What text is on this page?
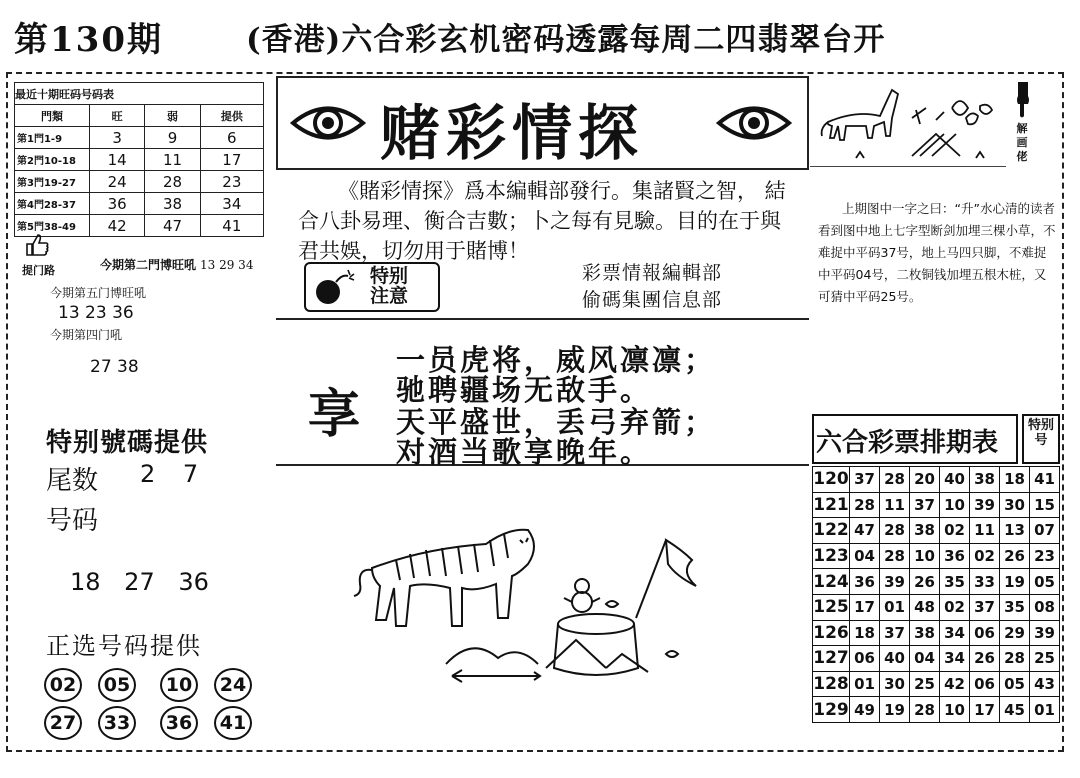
第130期	(香港)六合彩玄机密码透露每周二四翡翠台开
最近十期旺码号码表			
門類	旺	弱	提供
第1門1-9	3	9	6
第2門10-18	14	11	17
第3門19-27	24	28	23
第4門28-37	36	38	34
第5門38-49	42	47	41
提门路	今期第二門博旺吼 13 29 34
今期第五门博旺吼
13 23 36
今期第四门吼
27 38
特别號碼提供
尾数 2 7
号码
18 27 36
正选号码提供
02	05	10	24
27	33	36	41
赌彩情探
《賭彩情探》爲本編輯部發行。集諸賢之智， 結合八卦易理、衡合吉數；卜之每有見驗。目的在于與君共娛，切勿用于賭博！
特别注意
彩票情報編輯部
偷碼集團信息部
享
一员虎将，威风凛凛；
驰聘疆场无敌手。
天平盛世，丢弓弃箭；
对酒当歌享晚年。
解画佬
上期图中一字之曰：“升”水心清的读者看到图中地上七字型断剑加埋三棵小草，不难捉中平码37号，地上马四只脚，不难捉中平码04号，二枚铜钱加埋五根木桩，又可猜中平码25号。
六合彩票排期表
特别号
120	37	28	20	40	38	18	41
121	28	11	37	10	39	30	15
122	47	28	38	02	11	13	07
123	04	28	10	36	02	26	23
124	36	39	26	35	33	19	05
125	17	01	48	02	37	35	08
126	18	37	38	34	06	29	39
127	06	40	04	34	26	28	25
128	01	30	25	42	06	05	43
129	49	19	28	10	17	45	01
